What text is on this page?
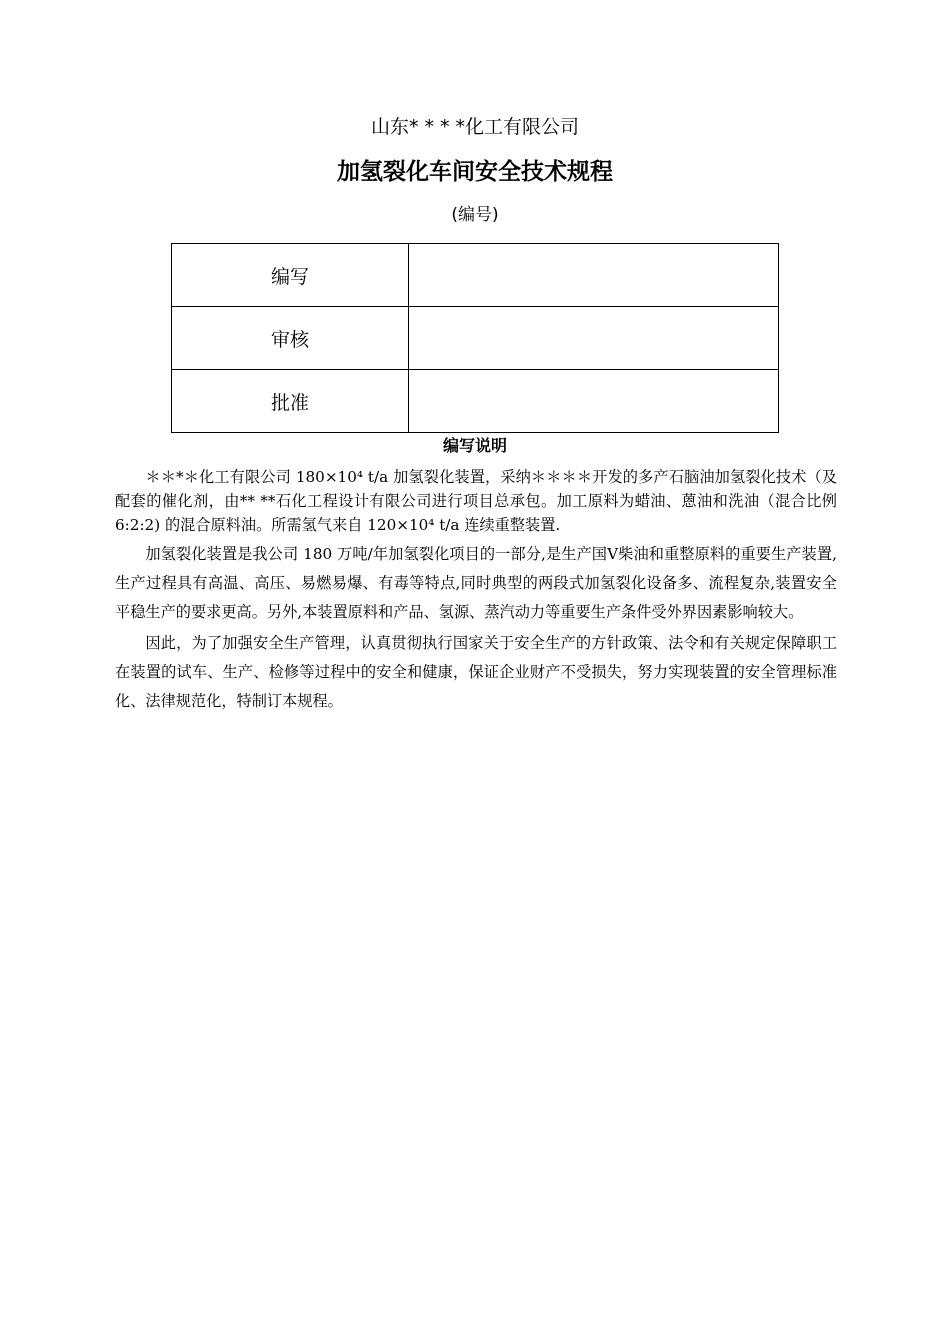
山东* * * *化工有限公司
加氢裂化车间安全技术规程
(编号)
编写	
审核	
批准	
编写说明

＊＊*＊化工有限公司 180×10⁴ t/a 加氢裂化装置，采纳＊＊＊＊开发的多产石脑油加氢裂化技术（及配套的催化剂，由** **石化工程设计有限公司进行项目总承包。加工原料为蜡油、蒽油和洗油（混合比例 6:2:2) 的混合原料油。所需氢气来自 120×10⁴ t/a 连续重整装置.

加氢裂化装置是我公司 180 万吨/年加氢裂化项目的一部分,是生产国Ⅴ柴油和重整原料的重要生产装置,生产过程具有高温、高压、易燃易爆、有毒等特点,同时典型的两段式加氢裂化设备多、流程复杂,装置安全平稳生产的要求更高。另外,本装置原料和产品、氢源、蒸汽动力等重要生产条件受外界因素影响较大。

因此，为了加强安全生产管理，认真贯彻执行国家关于安全生产的方针政策、法令和有关规定保障职工在装置的试车、生产、检修等过程中的安全和健康，保证企业财产不受损失，努力实现装置的安全管理标准化、法律规范化，特制订本规程。
